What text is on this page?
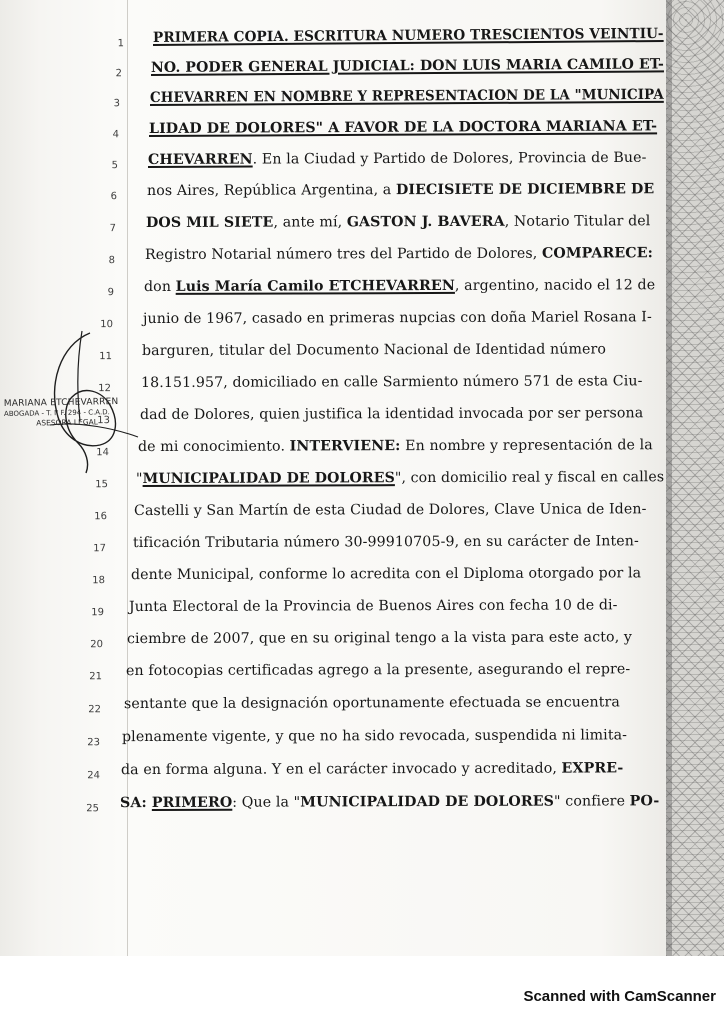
MARIANA ETCHEVARREN
ABOGADA - T. II F. 294 - C.A.D.
ASESORA LEGAL
1 PRIMERA COPIA. ESCRITURA NUMERO TRESCIENTOS VEINTIU-
2 NO. PODER GENERAL JUDICIAL: DON LUIS MARIA CAMILO ET-
3 CHEVARREN EN NOMBRE Y REPRESENTACION DE LA "MUNICIPA
4 LIDAD DE DOLORES" A FAVOR DE LA DOCTORA MARIANA ET-
5 CHEVARREN. En la Ciudad y Partido de Dolores, Provincia de Bue-
6 nos Aires, República Argentina, a DIECISIETE DE DICIEMBRE DE
7 DOS MIL SIETE, ante mí, GASTON J. BAVERA, Notario Titular del
8 Registro Notarial número tres del Partido de Dolores, COMPARECE:
9 don Luis María Camilo ETCHEVARREN, argentino, nacido el 12 de
10 junio de 1967, casado en primeras nupcias con doña Mariel Rosana I-
11 barguren, titular del Documento Nacional de Identidad número
12 18.151.957, domiciliado en calle Sarmiento número 571 de esta Ciu-
13 dad de Dolores, quien justifica la identidad invocada por ser persona
14 de mi conocimiento. INTERVIENE: En nombre y representación de la
15 "MUNICIPALIDAD DE DOLORES", con domicilio real y fiscal en calles
16 Castelli y San Martín de esta Ciudad de Dolores, Clave Unica de Iden-
17 tificación Tributaria número 30-99910705-9, en su carácter de Inten-
18 dente Municipal, conforme lo acredita con el Diploma otorgado por la
19 Junta Electoral de la Provincia de Buenos Aires con fecha 10 de di-
20 ciembre de 2007, que en su original tengo a la vista para este acto, y
21 en fotocopias certificadas agrego a la presente, asegurando el repre-
22 sentante que la designación oportunamente efectuada se encuentra
23 plenamente vigente, y que no ha sido revocada, suspendida ni limita-
24 da en forma alguna. Y en el carácter invocado y acreditado, EXPRE-
25 SA: PRIMERO: Que la "MUNICIPALIDAD DE DOLORES" confiere PO-
Scanned with CamScanner
